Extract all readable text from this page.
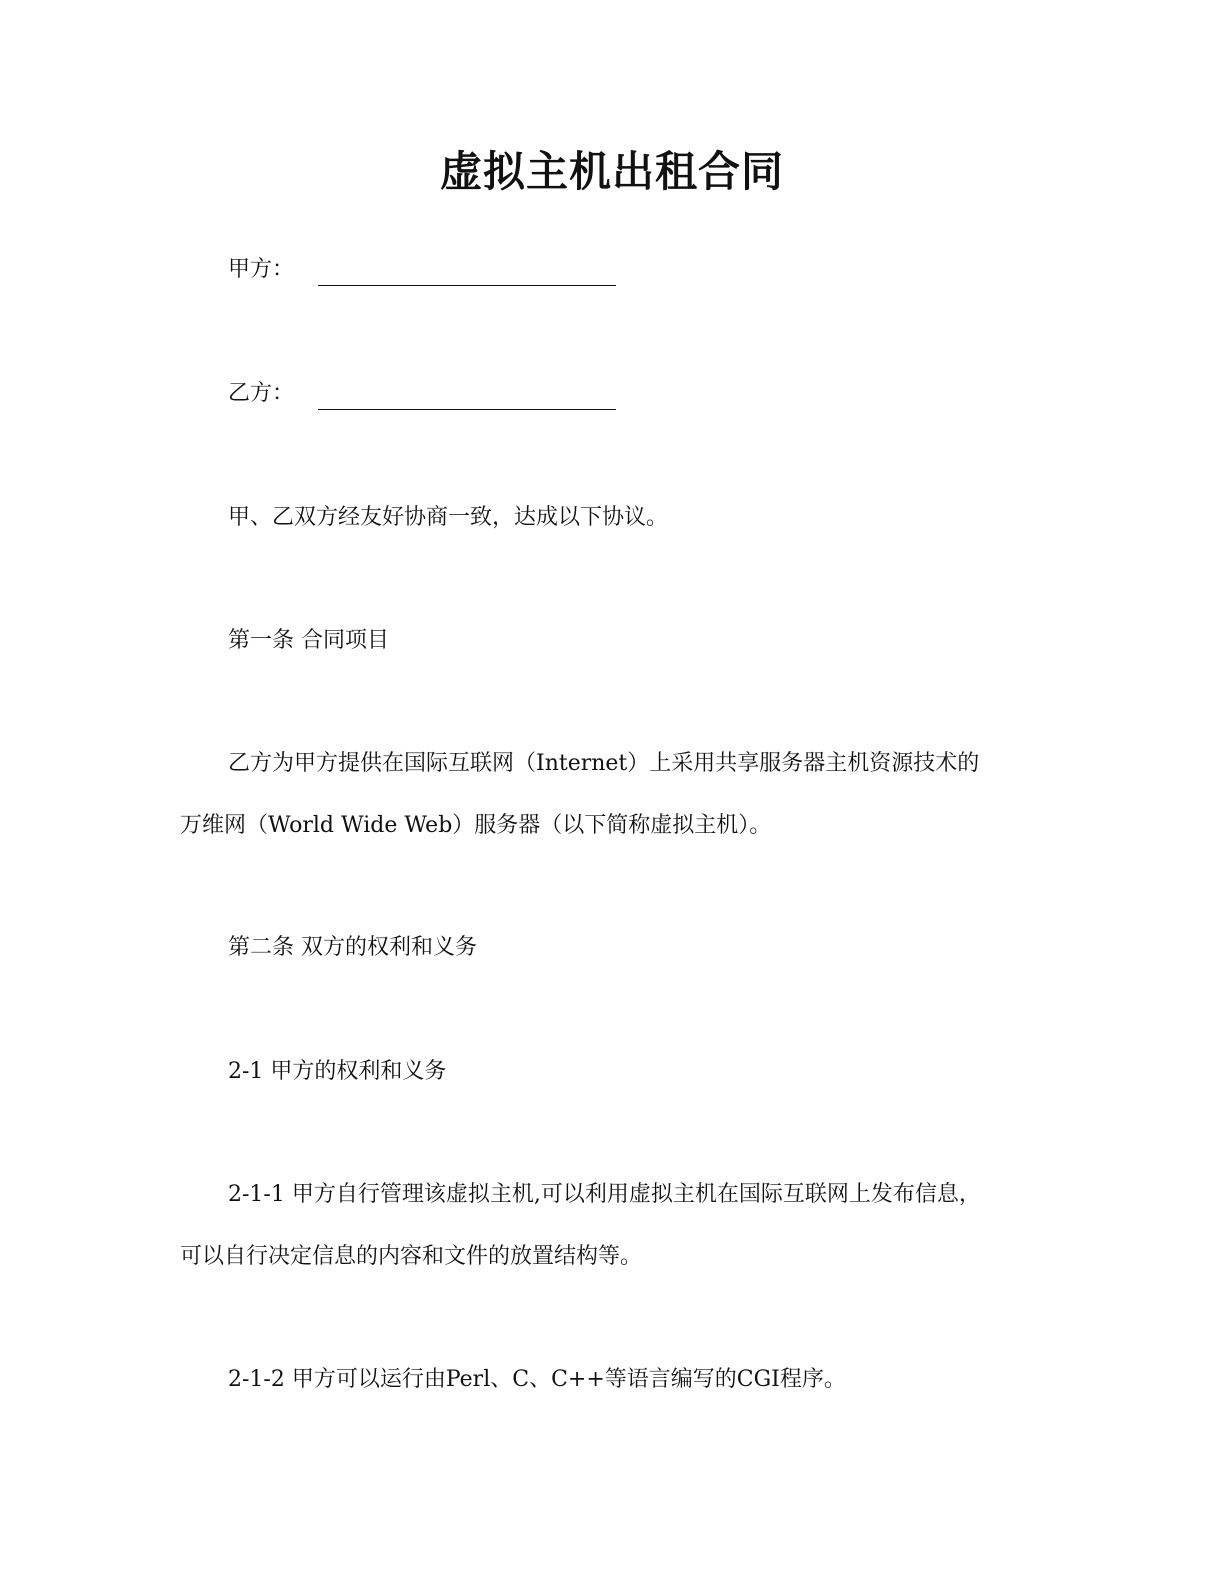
虚拟主机出租合同
甲方：
乙方：
甲、乙双方经友好协商一致，达成以下协议。
第一条 合同项目
乙方为甲方提供在国际互联网（Internet）上采用共享服务器主机资源技术的
万维网（World Wide Web）服务器（以下简称虚拟主机）。
第二条 双方的权利和义务
2-1 甲方的权利和义务
2-1-1 甲方自行管理该虚拟主机,可以利用虚拟主机在国际互联网上发布信息，
可以自行决定信息的内容和文件的放置结构等。
2-1-2 甲方可以运行由Perl、C、C++等语言编写的CGI程序。
